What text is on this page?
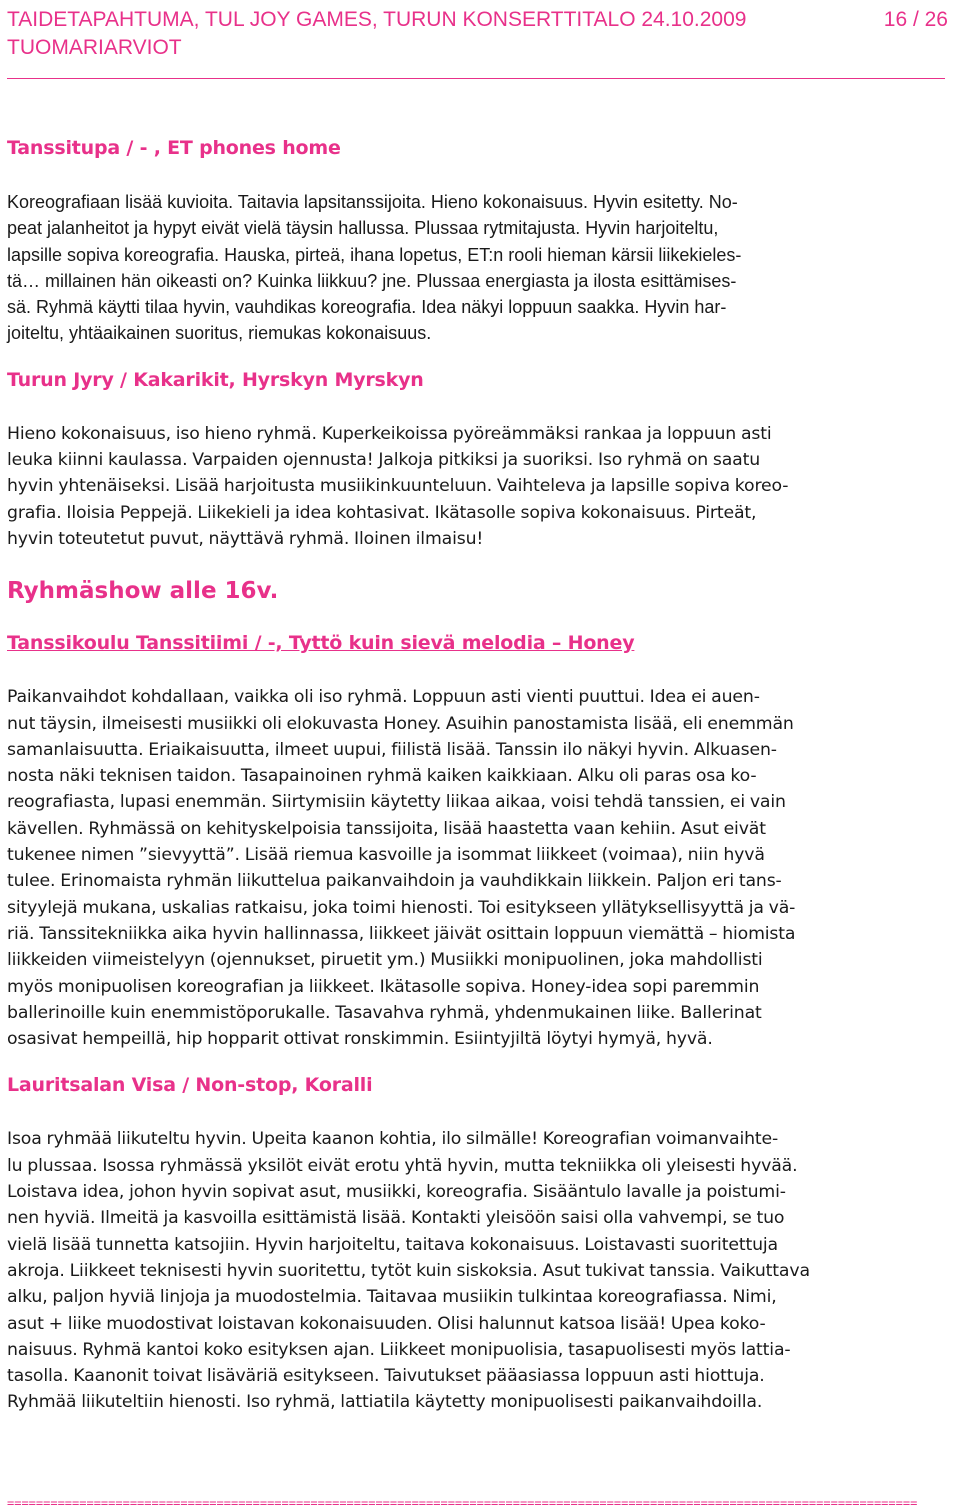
TAIDETAPAHTUMA, TUL JOY GAMES, TURUN KONSERTTITALO 24.10.2009
TUOMARIARVIOT
16 / 26
Tanssitupa / - , ET phones home

Koreografiaan lisää kuvioita. Taitavia lapsitanssijoita. Hieno kokonaisuus. Hyvin esitetty. No-
peat jalanheitot ja hypyt eivät vielä täysin hallussa. Plussaa rytmitajusta. Hyvin harjoiteltu,
lapsille sopiva koreografia. Hauska, pirteä, ihana lopetus, ET:n rooli hieman kärsii liikekieles-
tä… millainen hän oikeasti on? Kuinka liikkuu? jne. Plussaa energiasta ja ilosta esittämises-
sä. Ryhmä käytti tilaa hyvin, vauhdikas koreografia. Idea näkyi loppuun saakka. Hyvin har-
joiteltu, yhtäaikainen suoritus, riemukas kokonaisuus.

Turun Jyry / Kakarikit, Hyrskyn Myrskyn

Hieno kokonaisuus, iso hieno ryhmä. Kuperkeikoissa pyöreämmäksi rankaa ja loppuun asti
leuka kiinni kaulassa. Varpaiden ojennusta! Jalkoja pitkiksi ja suoriksi. Iso ryhmä on saatu
hyvin yhtenäiseksi. Lisää harjoitusta musiikinkuunteluun. Vaihteleva ja lapsille sopiva koreo-
grafia. Iloisia Peppejä. Liikekieli ja idea kohtasivat. Ikätasolle sopiva kokonaisuus. Pirteät,
hyvin toteutetut puvut, näyttävä ryhmä. Iloinen ilmaisu!

Ryhmäshow alle 16v.
Tanssikoulu Tanssitiimi / -, Tyttö kuin sievä melodia – Honey

Paikanvaihdot kohdallaan, vaikka oli iso ryhmä. Loppuun asti vienti puuttui. Idea ei auen-
nut täysin, ilmeisesti musiikki oli elokuvasta Honey. Asuihin panostamista lisää, eli enemmän
samanlaisuutta. Eriaikaisuutta, ilmeet uupui, fiilistä lisää. Tanssin ilo näkyi hyvin. Alkuasen-
nosta näki teknisen taidon. Tasapainoinen ryhmä kaiken kaikkiaan. Alku oli paras osa ko-
reografiasta, lupasi enemmän. Siirtymisiin käytetty liikaa aikaa, voisi tehdä tanssien, ei vain
kävellen. Ryhmässä on kehityskelpoisia tanssijoita, lisää haastetta vaan kehiin. Asut eivät
tukenee nimen ”sievyyttä”. Lisää riemua kasvoille ja isommat liikkeet (voimaa), niin hyvä
tulee. Erinomaista ryhmän liikuttelua paikanvaihdoin ja vauhdikkain liikkein. Paljon eri tans-
sityylejä mukana, uskalias ratkaisu, joka toimi hienosti. Toi esitykseen yllätyksellisyyttä ja vä-
riä. Tanssitekniikka aika hyvin hallinnassa, liikkeet jäivät osittain loppuun viemättä – hiomista
liikkeiden viimeistelyyn (ojennukset, piruetit ym.) Musiikki monipuolinen, joka mahdollisti
myös monipuolisen koreografian ja liikkeet. Ikätasolle sopiva. Honey-idea sopi paremmin
ballerinoille kuin enemmistöporukalle. Tasavahva ryhmä, yhdenmukainen liike. Ballerinat
osasivat hempeillä, hip hopparit ottivat ronskimmin. Esiintyjiltä löytyi hymyä, hyvä.

Lauritsalan Visa / Non-stop, Koralli

Isoa ryhmää liikuteltu hyvin. Upeita kaanon kohtia, ilo silmälle! Koreografian voimanvaihte-
lu plussaa. Isossa ryhmässä yksilöt eivät erotu yhtä hyvin, mutta tekniikka oli yleisesti hyvää.
Loistava idea, johon hyvin sopivat asut, musiikki, koreografia. Sisääntulo lavalle ja poistumi-
nen hyviä. Ilmeitä ja kasvoilla esittämistä lisää. Kontakti yleisöön saisi olla vahvempi, se tuo
vielä lisää tunnetta katsojiin. Hyvin harjoiteltu, taitava kokonaisuus. Loistavasti suoritettuja
akroja. Liikkeet teknisesti hyvin suoritettu, tytöt kuin siskoksia. Asut tukivat tanssia. Vaikuttava
alku, paljon hyviä linjoja ja muodostelmia. Taitavaa musiikin tulkintaa koreografiassa. Nimi,
asut + liike muodostivat loistavan kokonaisuuden. Olisi halunnut katsoa lisää! Upea koko-
naisuus. Ryhmä kantoi koko esityksen ajan. Liikkeet monipuolisia, tasapuolisesti myös lattia-
tasolla. Kaanonit toivat lisäväriä esitykseen. Taivutukset pääasiassa loppuun asti hiottuja.
Ryhmää liikuteltiin hienosti. Iso ryhmä, lattiatila käytetty monipuolisesti paikanvaihdoilla.

==============================================================================================================================
